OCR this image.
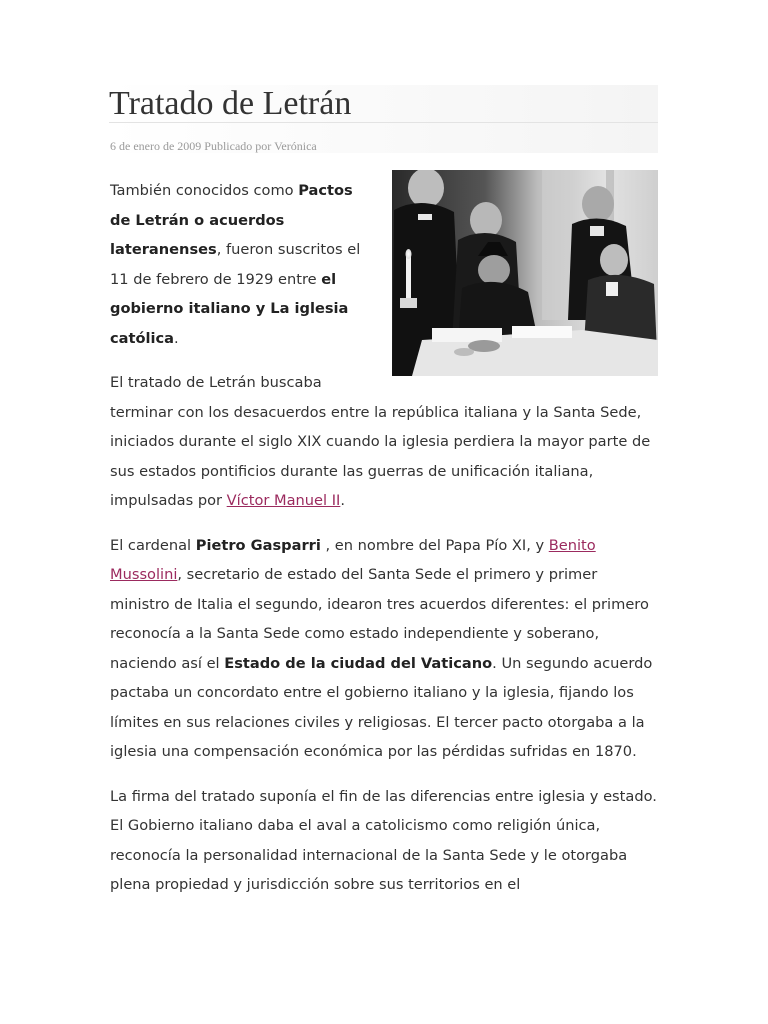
Tratado de Letrán
6 de enero de 2009 Publicado por Verónica

También conocidos como Pactos de Letrán o acuerdos lateranenses, fueron suscritos el 11 de febrero de 1929 entre el gobierno italiano y La iglesia católica.

El tratado de Letrán buscaba terminar con los desacuerdos entre la república italiana y la Santa Sede, iniciados durante el siglo XIX cuando la iglesia perdiera la mayor parte de sus estados pontificios durante las guerras de unificación italiana, impulsadas por Víctor Manuel II.

El cardenal Pietro Gasparri , en nombre del Papa Pío XI, y Benito Mussolini, secretario de estado del Santa Sede el primero y primer ministro de Italia el segundo, idearon tres acuerdos diferentes: el primero reconocía a la Santa Sede como estado independiente y soberano, naciendo así el Estado de la ciudad del Vaticano. Un segundo acuerdo pactaba un concordato entre el gobierno italiano y la iglesia, fijando los límites en sus relaciones civiles y religiosas. El tercer pacto otorgaba a la iglesia una compensación económica por las pérdidas sufridas en 1870.

La firma del tratado suponía el fin de las diferencias entre iglesia y estado. El Gobierno italiano daba el aval a catolicismo como religión única, reconocía la personalidad internacional de la Santa Sede y le otorgaba plena propiedad y jurisdicción sobre sus territorios en el
